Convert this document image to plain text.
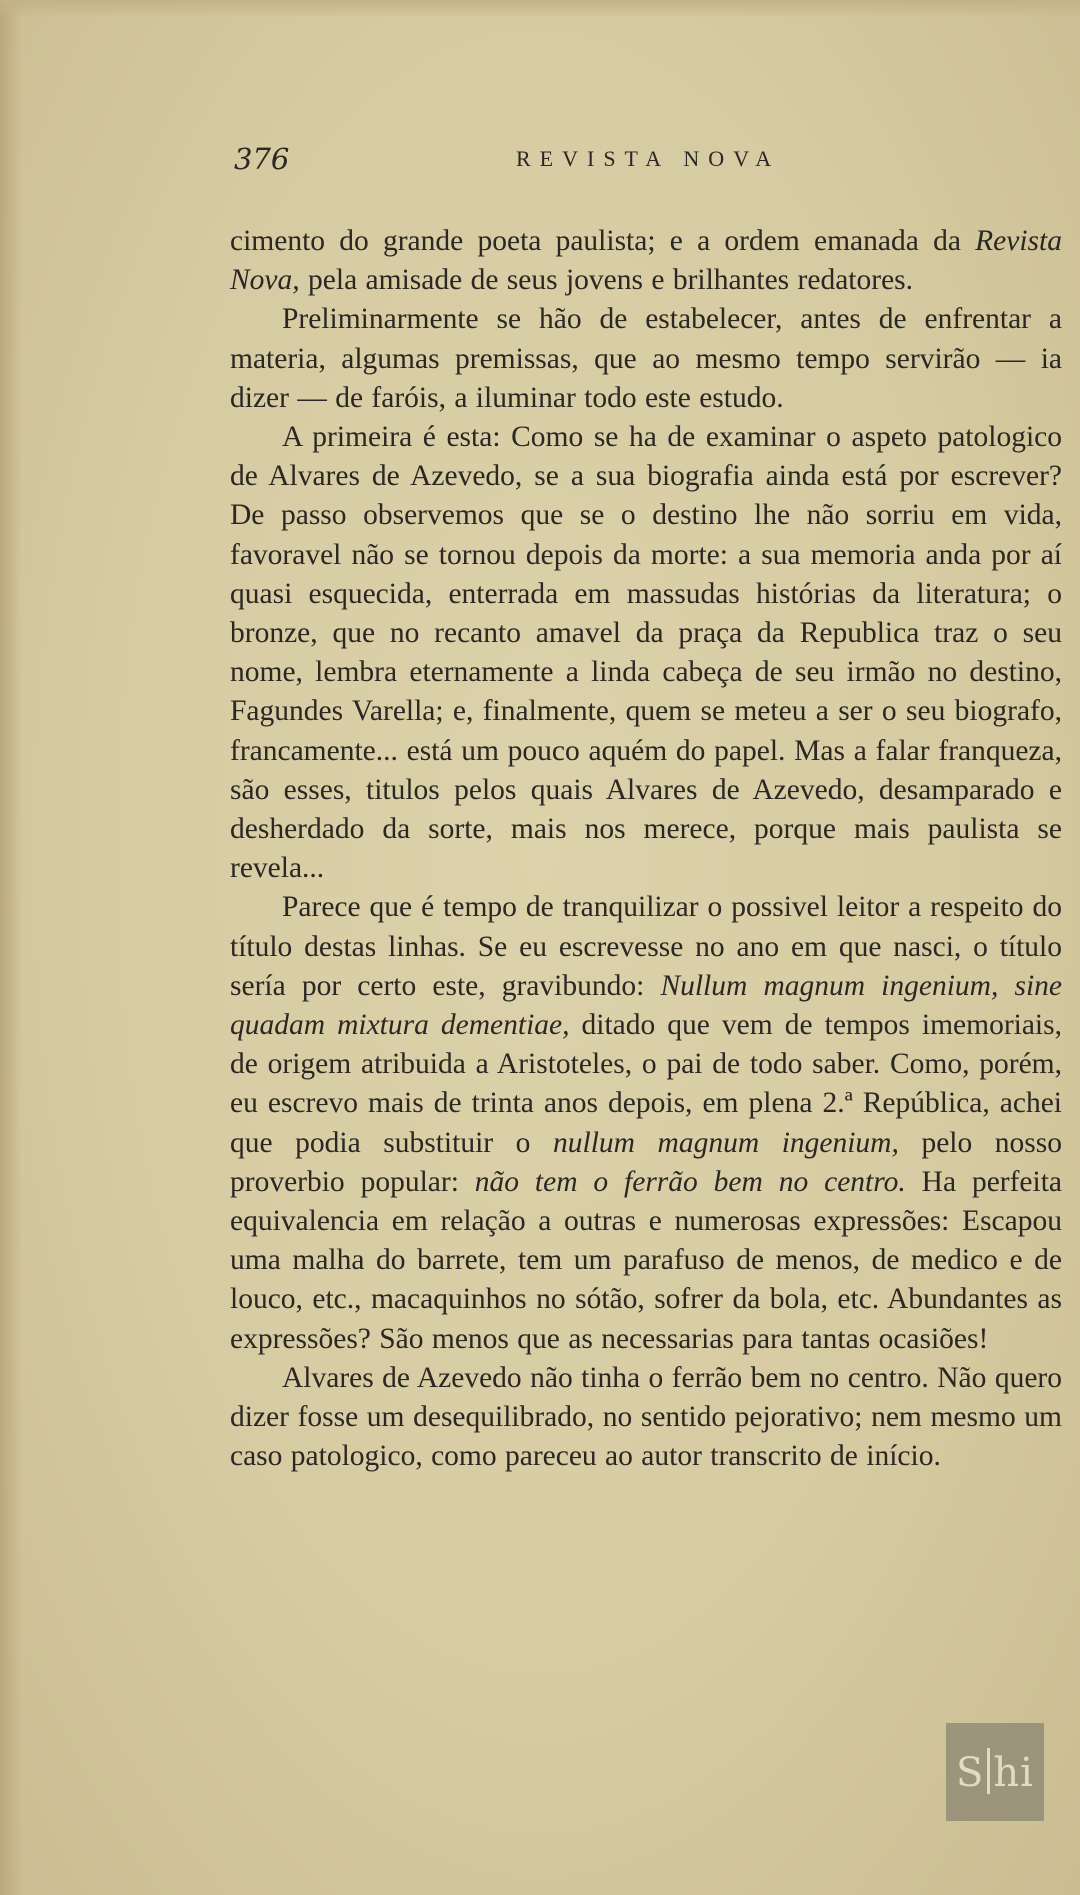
376	REVISTA NOVA

cimento do grande poeta paulista; e a ordem emanada da Revista Nova, pela amisade de seus jovens e brilhantes redatores.

Preliminarmente se hão de estabelecer, antes de enfrentar a materia, algumas premissas, que ao mesmo tempo servirão — ia dizer — de faróis, a iluminar todo este estudo.

A primeira é esta: Como se ha de examinar o aspeto patologico de Alvares de Azevedo, se a sua biografia ainda está por escrever? De passo observemos que se o destino lhe não sorriu em vida, favoravel não se tornou depois da morte: a sua memoria anda por aí quasi esquecida, enterrada em massudas histórias da literatura; o bronze, que no recanto amavel da praça da Republica traz o seu nome, lembra eternamente a linda cabeça de seu irmão no destino, Fagundes Varella; e, finalmente, quem se meteu a ser o seu biografo, francamente... está um pouco aquém do papel. Mas a falar franqueza, são esses, titulos pelos quais Alvares de Azevedo, desamparado e desherdado da sorte, mais nos merece, porque mais paulista se revela...

Parece que é tempo de tranquilizar o possivel leitor a respeito do título destas linhas. Se eu escrevesse no ano em que nasci, o título sería por certo este, gravibundo: Nullum magnum ingenium, sine quadam mixtura dementiae, ditado que vem de tempos imemoriais, de origem atribuida a Aristoteles, o pai de todo saber. Como, porém, eu escrevo mais de trinta anos depois, em plena 2.ª República, achei que podia substituir o nullum magnum ingenium, pelo nosso proverbio popular: não tem o ferrão bem no centro. Ha perfeita equivalencia em relação a outras e numerosas expressões: Escapou uma malha do barrete, tem um parafuso de menos, de medico e de louco, etc., macaquinhos no sótão, sofrer da bola, etc. Abundantes as expressões? São menos que as necessarias para tantas ocasiões!

Alvares de Azevedo não tinha o ferrão bem no centro. Não quero dizer fosse um desequilibrado, no sentido pejorativo; nem mesmo um caso patologico, como pareceu ao autor transcrito de início.

S hi
